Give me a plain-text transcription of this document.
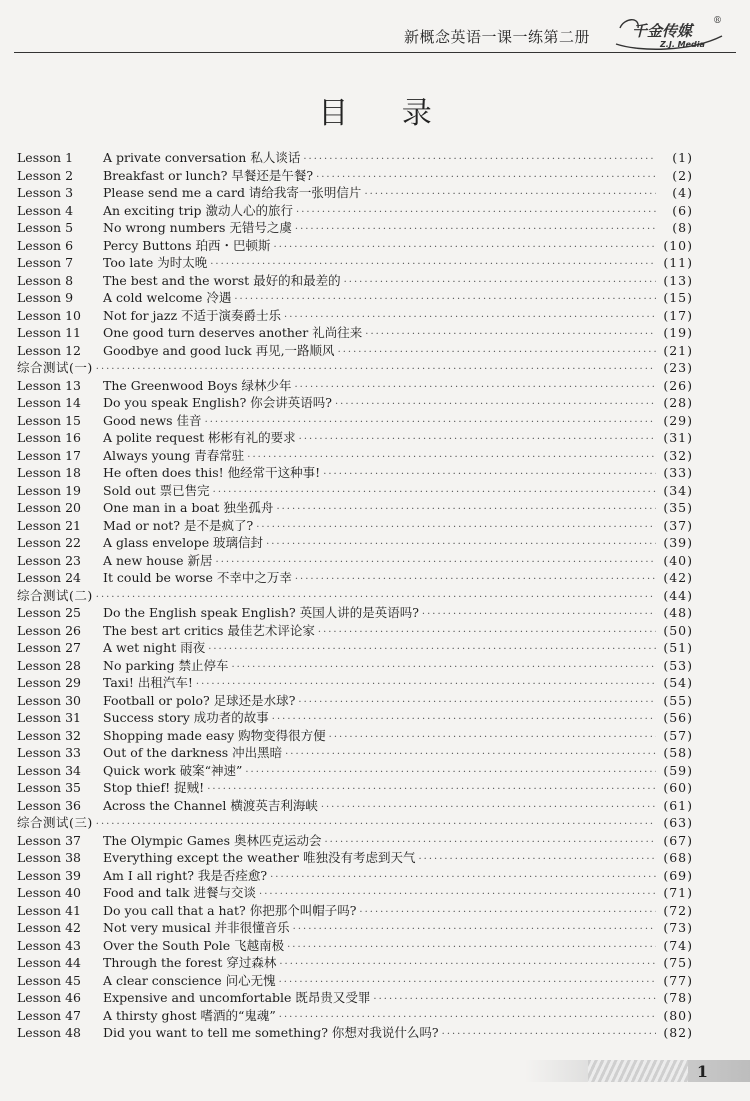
新概念英语一课一练第二册	千金传媒
®
Z.J. Media
目 录
Lesson 1	A private conversation 私人谈话 ·····	(1)
Lesson 2	Breakfast or lunch? 早餐还是午餐? ·····	(2)
Lesson 3	Please send me a card 请给我寄一张明信片 ·····	(4)
Lesson 4	An exciting trip 激动人心的旅行 ·····	(6)
Lesson 5	No wrong numbers 无错号之虞 ·····	(8)
Lesson 6	Percy Buttons 珀西・巴顿斯 ·····	(10)
Lesson 7	Too late 为时太晚 ·····	(11)
Lesson 8	The best and the worst 最好的和最差的 ·····	(13)
Lesson 9	A cold welcome 冷遇 ·····	(15)
Lesson 10	Not for jazz 不适于演奏爵士乐 ·····	(17)
Lesson 11	One good turn deserves another 礼尚往来 ·····	(19)
Lesson 12	Goodbye and good luck 再见,一路顺风 ·····	(21)
综合测试(一) ·····	(23)
Lesson 13	The Greenwood Boys 绿林少年 ·····	(26)
Lesson 14	Do you speak English? 你会讲英语吗? ·····	(28)
Lesson 15	Good news 佳音 ·····	(29)
Lesson 16	A polite request 彬彬有礼的要求 ·····	(31)
Lesson 17	Always young 青春常驻 ·····	(32)
Lesson 18	He often does this! 他经常干这种事! ·····	(33)
Lesson 19	Sold out 票已售完 ·····	(34)
Lesson 20	One man in a boat 独坐孤舟 ·····	(35)
Lesson 21	Mad or not? 是不是疯了? ·····	(37)
Lesson 22	A glass envelope 玻璃信封 ·····	(39)
Lesson 23	A new house 新居 ·····	(40)
Lesson 24	It could be worse 不幸中之万幸 ·····	(42)
综合测试(二) ·····	(44)
Lesson 25	Do the English speak English? 英国人讲的是英语吗? ·····	(48)
Lesson 26	The best art critics 最佳艺术评论家 ·····	(50)
Lesson 27	A wet night 雨夜 ·····	(51)
Lesson 28	No parking 禁止停车 ·····	(53)
Lesson 29	Taxi! 出租汽车! ·····	(54)
Lesson 30	Football or polo? 足球还是水球? ·····	(55)
Lesson 31	Success story 成功者的故事 ·····	(56)
Lesson 32	Shopping made easy 购物变得很方便 ·····	(57)
Lesson 33	Out of the darkness 冲出黑暗 ·····	(58)
Lesson 34	Quick work 破案“神速” ·····	(59)
Lesson 35	Stop thief! 捉贼! ·····	(60)
Lesson 36	Across the Channel 横渡英吉利海峡 ·····	(61)
综合测试(三) ·····	(63)
Lesson 37	The Olympic Games 奥林匹克运动会 ·····	(67)
Lesson 38	Everything except the weather 唯独没有考虑到天气 ·····	(68)
Lesson 39	Am I all right? 我是否痊愈? ·····	(69)
Lesson 40	Food and talk 进餐与交谈 ·····	(71)
Lesson 41	Do you call that a hat? 你把那个叫帽子吗? ·····	(72)
Lesson 42	Not very musical 并非很懂音乐 ·····	(73)
Lesson 43	Over the South Pole 飞越南极 ·····	(74)
Lesson 44	Through the forest 穿过森林 ·····	(75)
Lesson 45	A clear conscience 问心无愧 ·····	(77)
Lesson 46	Expensive and uncomfortable 既昂贵又受罪 ·····	(78)
Lesson 47	A thirsty ghost 嗜酒的“鬼魂” ·····	(80)
Lesson 48	Did you want to tell me something? 你想对我说什么吗? ·····	(82)
1
